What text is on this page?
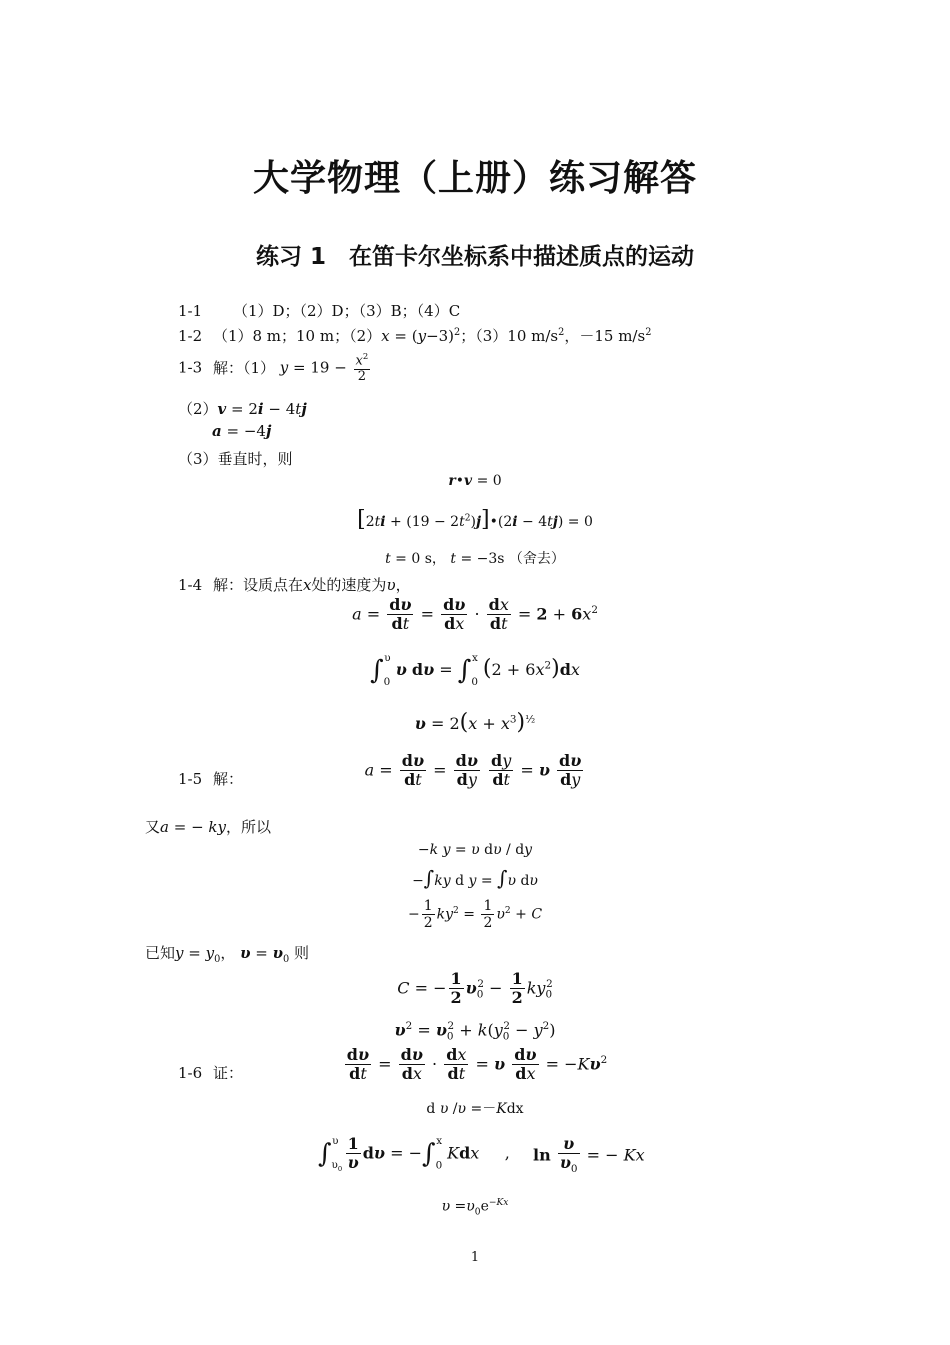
大学物理（上册）练习解答
练习 1　在笛卡尔坐标系中描述质点的运动
1-1 （1）D；（2）D；（3）B；（4）C
1-2 （1）8 m；10 m；$(2)x = (y-3)^2$；（3）10 $m/s^2$，－15 $m/s^2$
1-3 解：（1） $y = 19 - \frac{x^2}{2}$
（2）v = 2i − 4tj
a = −4j
（3）垂直时，则
r•v = 0
$[2ti + (19 - 2t^2)j]•(2i - 4tj) = 0$
t = 0 s， t = −3s （舍去）
1-4 解：设质点在x处的速度为υ，
$a = \frac{d\upsilon}{dt} = \frac{d\upsilon}{dx} \cdot \frac{dx}{dt} = 2 + 6x^2$
$\int_0^\upsilon$ υ $d\upsilon = \int_0^x$ $(2 + 6x^2)dx$
$\upsilon = 2(x + x^3)^{\frac{1}{2}}$
1-5 解：	$a = \frac{d\upsilon}{dt} = \frac{d\upsilon}{dy}$
$\frac{dy}{dt} = \upsilon \frac{d\upsilon}{dy}$
又a = − ky，所以
−k y = υ dυ / dy
−∫ky d y = ∫υ dυ
− $\frac{1}{2} ky^2 = \frac{1}{2} \upsilon^2 + C$
已知$y = y_0$， $\upsilon = \upsilon_0$ 则
C = − $\frac{1}{2} \upsilon_0^2 - \frac{1}{2} ky_0^2$
$\upsilon^2 = \upsilon_0^2 + k(y_0^2 - y^2)$
1-6 证：	$\frac{d\upsilon}{dt} = \frac{d\upsilon}{dx} \cdot \frac{dx}{dt} = \upsilon \frac{d\upsilon}{dx} = -K\upsilon^2$
d υ /υ =－Kdx
$\int_{\upsilon_0}^\upsilon \frac{1}{\upsilon}$ $d\upsilon = -\int_0^x$ Kdx     , $\ln \frac{\upsilon}{\upsilon_0}$ = − Kx
$\upsilon =\upsilon_0e^{-Kx}$
1
